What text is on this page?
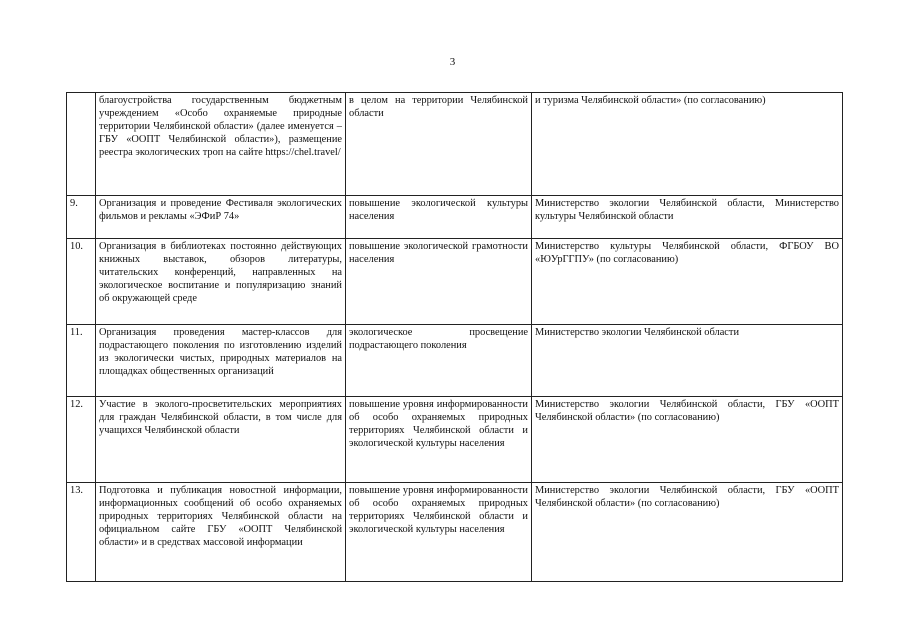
3
	благоустройства государственным бюджетным учреждением «Особо охраняемые природные территории Челябинской области» (далее именуется – ГБУ «ООПТ Челябинской области»), размещение реестра экологических троп на сайте https://chel.travel/	в целом на территории Челябинской области	и туризма Челябинской области» (по согласованию)
9.	Организация и проведение Фестиваля экологических фильмов и рекламы «ЭФиР 74»	повышение экологической культуры населения	Министерство экологии Челябинской области, Министерство культуры Челябинской области
10.	Организация в библиотеках постоянно действующих книжных выставок, обзоров литературы, читательских конференций, направленных на экологическое воспитание и популяризацию знаний об окружающей среде	повышение экологической грамотности населения	Министерство культуры Челябинской области, ФГБОУ ВО «ЮУрГГПУ» (по согласованию)
11.	Организация проведения мастер-классов для подрастающего поколения по изготовлению изделий из экологически чистых, природных материалов на площадках общественных организаций	экологическое просвещение подрастающего поколения	Министерство экологии Челябинской области
12.	Участие в эколого-просветительских мероприятиях для граждан Челябинской области, в том числе для учащихся Челябинской области	повышение уровня информированности об особо охраняемых природных территориях Челябинской области и экологической культуры населения	Министерство экологии Челябинской области, ГБУ «ООПТ Челябинской области» (по согласованию)
13.	Подготовка и публикация новостной информации, информационных сообщений об особо охраняемых природных территориях Челябинской области на официальном сайте ГБУ «ООПТ Челябинской области» и в средствах массовой информации	повышение уровня информированности об особо охраняемых природных территориях Челябинской области и экологической культуры населения	Министерство экологии Челябинской области, ГБУ «ООПТ Челябинской области» (по согласованию)
